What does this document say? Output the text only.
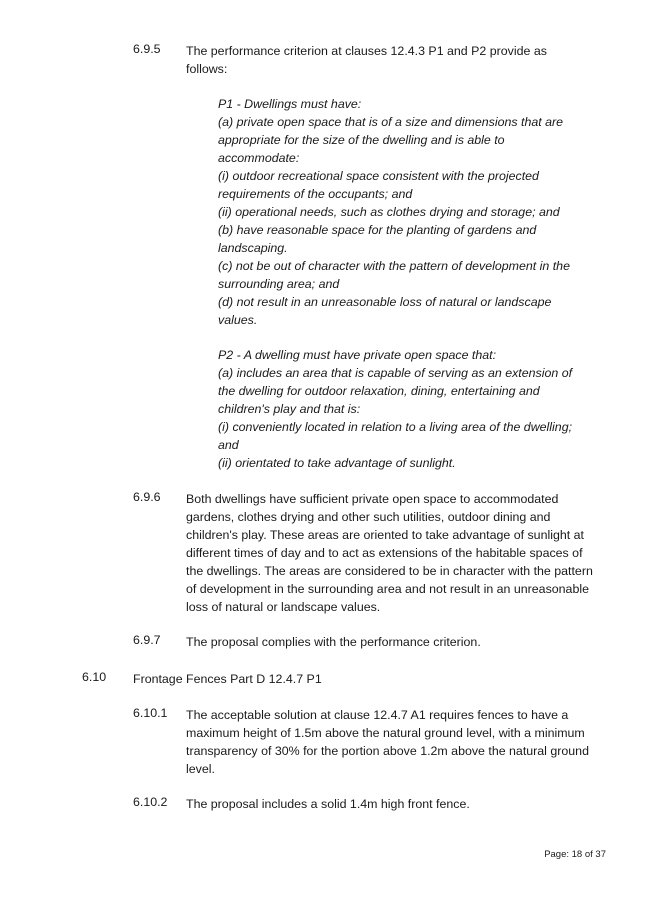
6.9.5 The performance criterion at clauses 12.4.3 P1 and P2 provide as follows:
P1 - Dwellings must have:
(a) private open space that is of a size and dimensions that are
appropriate for the size of the dwelling and is able to
accommodate:
(i) outdoor recreational space consistent with the projected
requirements of the occupants; and
(ii) operational needs, such as clothes drying and storage; and
(b) have reasonable space for the planting of gardens and
landscaping.
(c) not be out of character with the pattern of development in the
surrounding area; and
(d) not result in an unreasonable loss of natural or landscape
values.
P2 - A dwelling must have private open space that:
(a) includes an area that is capable of serving as an extension of
the dwelling for outdoor relaxation, dining, entertaining and
children's play and that is:
(i) conveniently located in relation to a living area of the dwelling;
and
(ii) orientated to take advantage of sunlight.
6.9.6 Both dwellings have sufficient private open space to accommodated gardens, clothes drying and other such utilities, outdoor dining and children's play. These areas are oriented to take advantage of sunlight at different times of day and to act as extensions of the habitable spaces of the dwellings. The areas are considered to be in character with the pattern of development in the surrounding area and not result in an unreasonable loss of natural or landscape values.
6.9.7 The proposal complies with the performance criterion.
6.10 Frontage Fences Part D 12.4.7 P1
6.10.1 The acceptable solution at clause 12.4.7 A1 requires fences to have a maximum height of 1.5m above the natural ground level, with a minimum transparency of 30% for the portion above 1.2m above the natural ground level.
6.10.2 The proposal includes a solid 1.4m high front fence.
Page: 18 of 37
